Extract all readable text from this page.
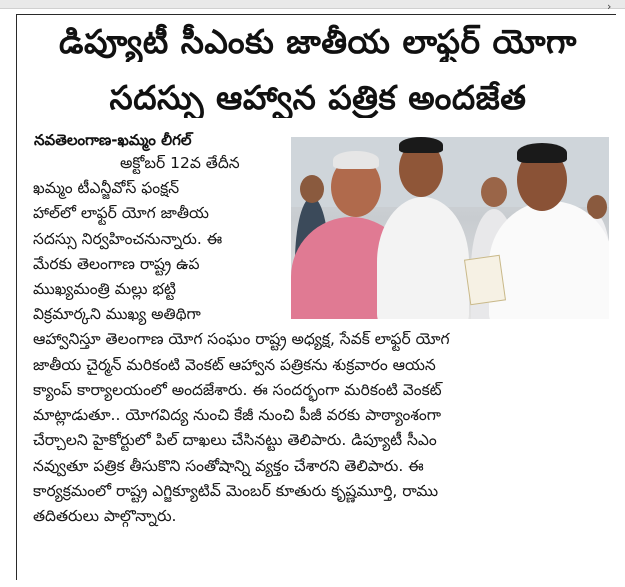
›
డిప్యూటీ సీఎంకు జాతీయ లాఫ్టర్ యోగా
సదస్సు ఆహ్వాన పత్రిక అందజేత
నవతెలంగాణ-ఖమ్మం లీగల్
అక్టోబర్ 12వ తేదీన
ఖమ్మం టీఎన్జీవోస్ ఫంక్షన్
హాల్‌లో లాఫ్టర్ యోగ జాతీయ
సదస్సు నిర్వహించనున్నారు. ఈ
మేరకు తెలంగాణ రాష్ట్ర ఉప
ముఖ్యమంత్రి మల్లు భట్టి
విక్రమార్కని ముఖ్య అతిథిగా
ఆహ్వానిస్తూ తెలంగాణ యోగ సంఘం రాష్ట్ర అధ్యక్ష, సేవక్ లాఫ్టర్ యోగ
జాతీయ చైర్మన్ మరికంటి వెంకట్ ఆహ్వాన పత్రికను శుక్రవారం ఆయన
క్యాంప్ కార్యాలయంలో అందజేశారు. ఈ సందర్భంగా మరికంటి వెంకట్
మాట్లాడుతూ.. యోగవిద్య నుంచి కేజీ నుంచి పీజీ వరకు పాఠ్యాంశంగా
చేర్చాలని హైకోర్టులో పిల్ దాఖలు చేసినట్టు తెలిపారు. డిప్యూటీ సీఎం
నవ్వుతూ పత్రిక తీసుకొని సంతోషాన్ని వ్యక్తం చేశారని తెలిపారు. ఈ
కార్యక్రమంలో రాష్ట్ర ఎగ్జిక్యూటివ్ మెంబర్ కూతురు కృష్ణమూర్తి, రాము
తదితరులు పాల్గొన్నారు.
